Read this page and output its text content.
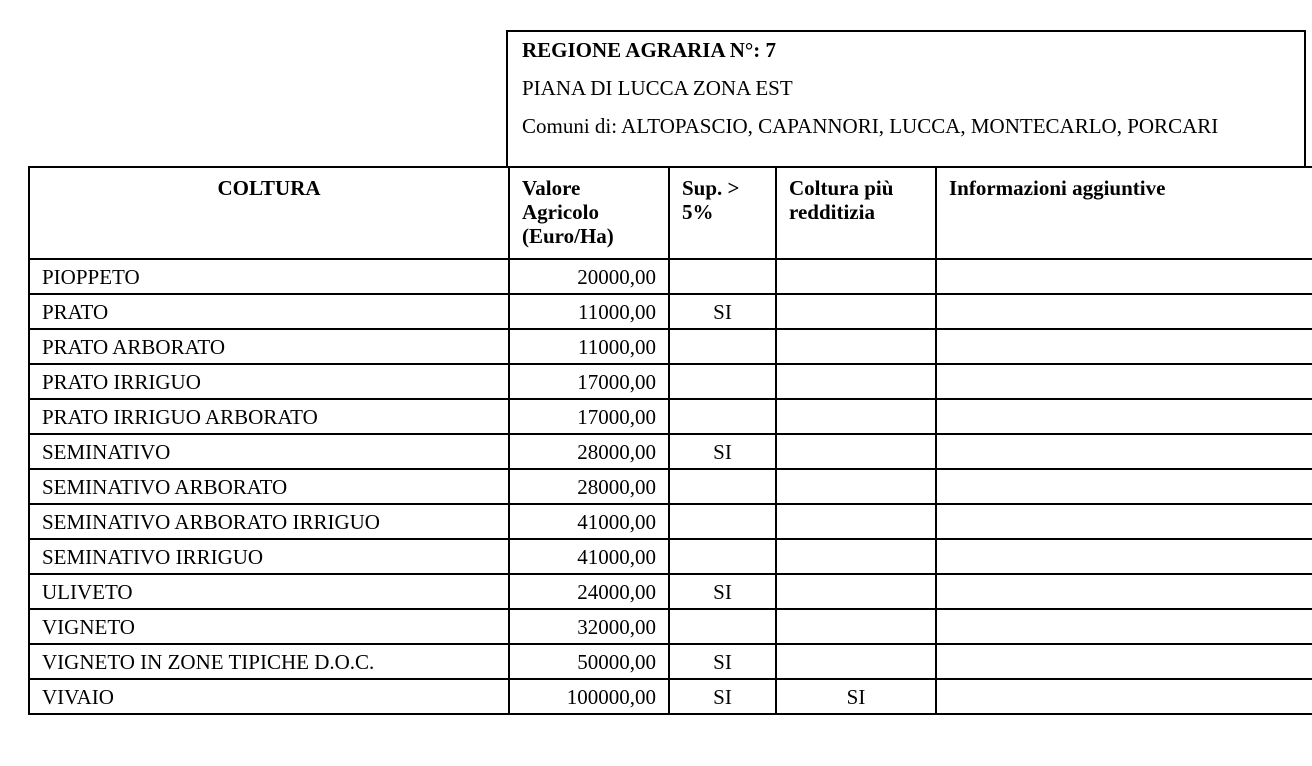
REGIONE AGRARIA N°: 7
PIANA DI LUCCA ZONA EST
Comuni di: ALTOPASCIO, CAPANNORI, LUCCA, MONTECARLO, PORCARI
COLTURA	Valore Agricolo (Euro/Ha)	Sup. > 5%	Coltura più redditizia	Informazioni aggiuntive
PIOPPETO	20000,00			
PRATO	11000,00	SI		
PRATO ARBORATO	11000,00			
PRATO IRRIGUO	17000,00			
PRATO IRRIGUO ARBORATO	17000,00			
SEMINATIVO	28000,00	SI		
SEMINATIVO ARBORATO	28000,00			
SEMINATIVO ARBORATO IRRIGUO	41000,00			
SEMINATIVO IRRIGUO	41000,00			
ULIVETO	24000,00	SI		
VIGNETO	32000,00			
VIGNETO IN ZONE TIPICHE D.O.C.	50000,00	SI		
VIVAIO	100000,00	SI	SI	
